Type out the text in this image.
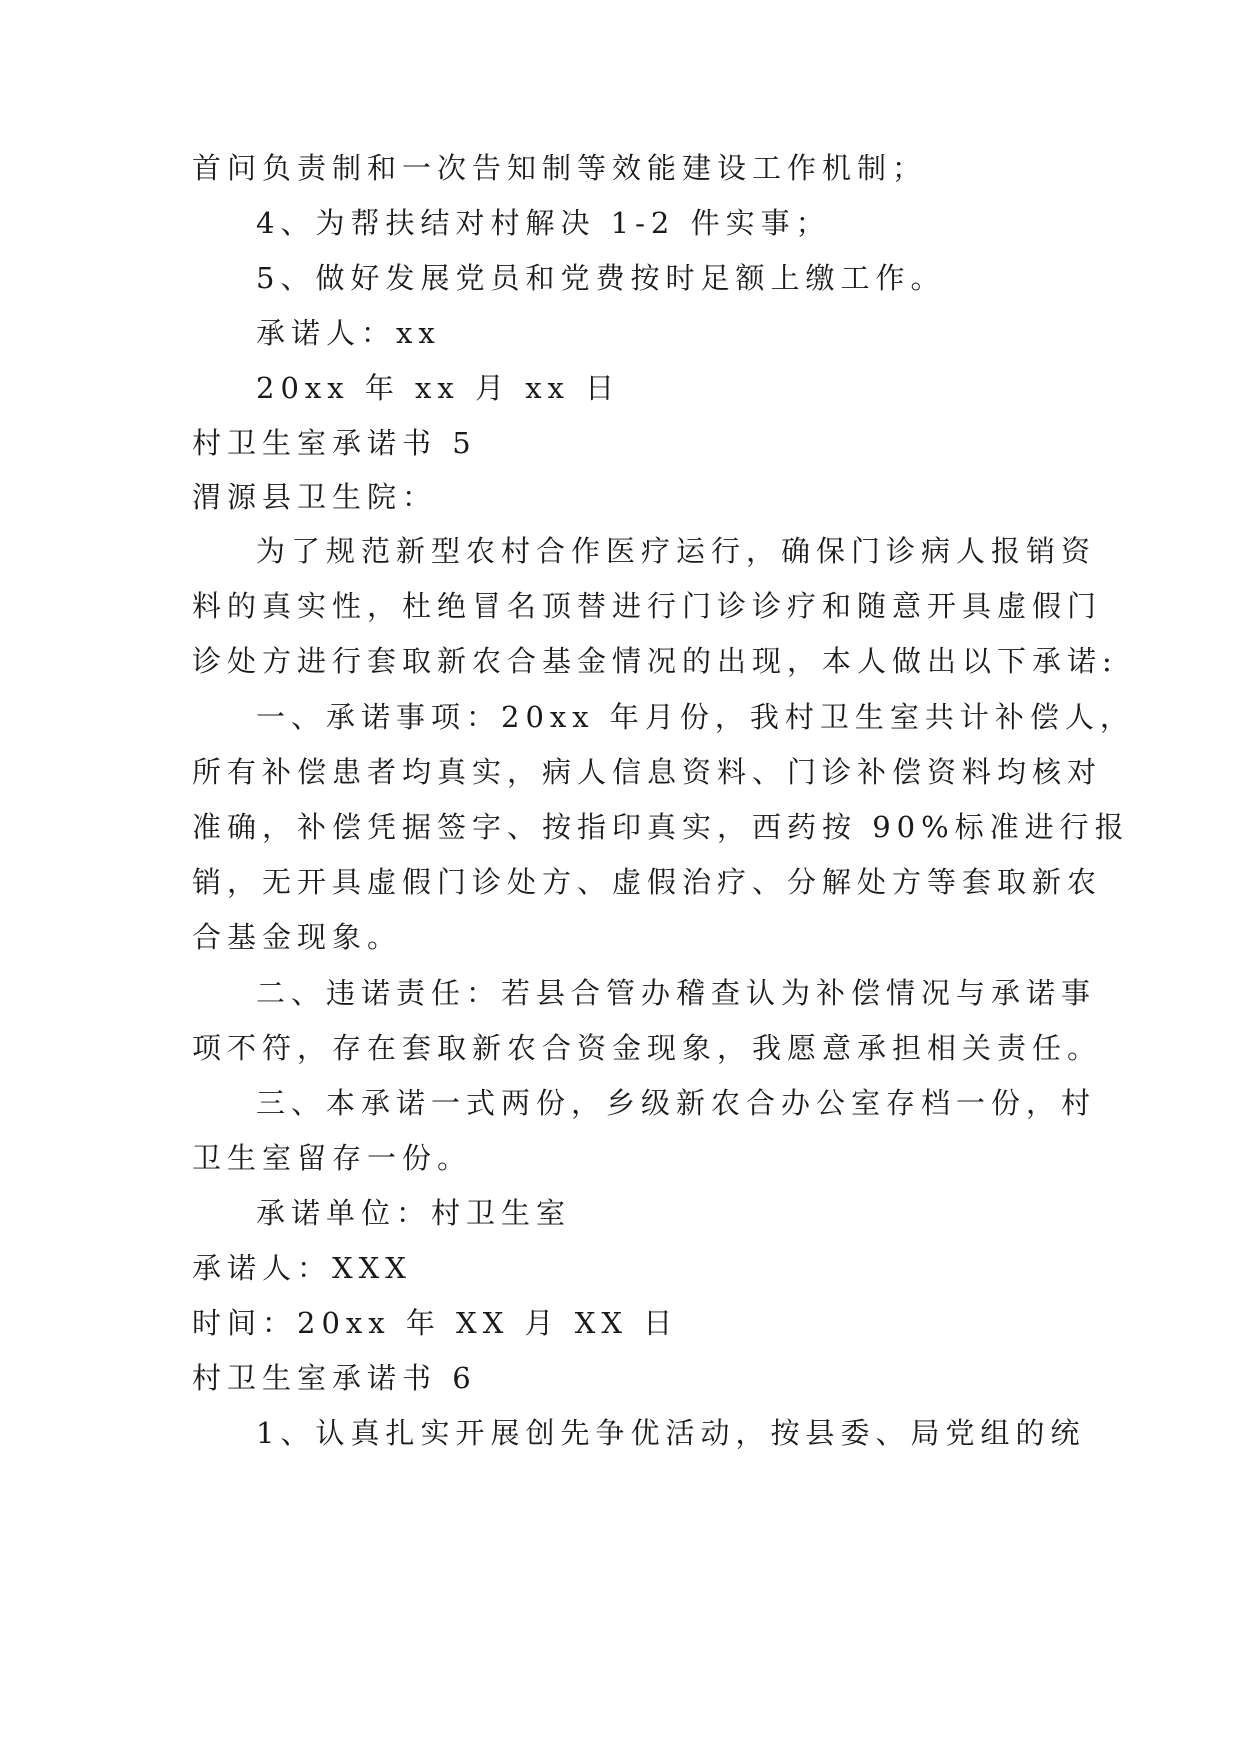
首问负责制和一次告知制等效能建设工作机制；
4、为帮扶结对村解决 1-2 件实事；
5、做好发展党员和党费按时足额上缴工作。
承诺人：xx
20xx 年 xx 月 xx 日
村卫生室承诺书 5
渭源县卫生院：
为了规范新型农村合作医疗运行，确保门诊病人报销资
料的真实性，杜绝冒名顶替进行门诊诊疗和随意开具虚假门
诊处方进行套取新农合基金情况的出现，本人做出以下承诺:
一、承诺事项：20xx 年月份，我村卫生室共计补偿人，
所有补偿患者均真实，病人信息资料、门诊补偿资料均核对
准确，补偿凭据签字、按指印真实，西药按 90%标准进行报
销，无开具虚假门诊处方、虚假治疗、分解处方等套取新农
合基金现象。
二、违诺责任：若县合管办稽查认为补偿情况与承诺事
项不符，存在套取新农合资金现象，我愿意承担相关责任。
三、本承诺一式两份，乡级新农合办公室存档一份，村
卫生室留存一份。
承诺单位：村卫生室
承诺人：XXX
时间：20xx 年 XX 月 XX 日
村卫生室承诺书 6
1、认真扎实开展创先争优活动，按县委、局党组的统
